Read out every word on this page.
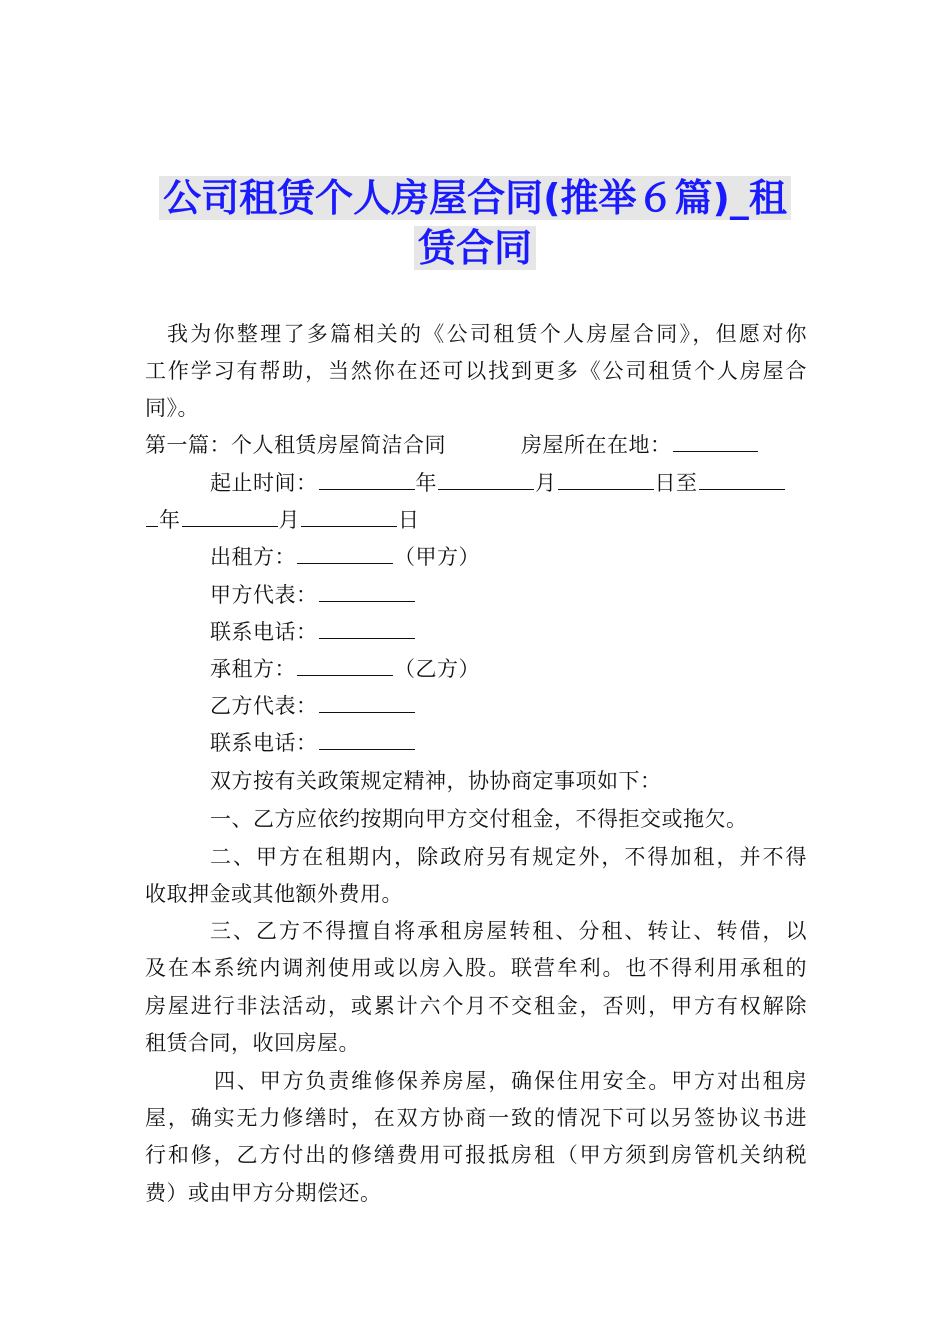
公司租赁个人房屋合同(推举６篇)_租
赁合同
我为你整理了多篇相关的《公司租赁个人房屋合同》，但愿对你
工作学习有帮助，当然你在还可以找到更多《公司租赁个人房屋合
同》。
第一篇：个人租赁房屋简洁合同	房屋所在在地：
起止时间：	年	月	日至
年	月	日
出租方：	（甲方）
甲方代表：
联系电话：
承租方：	（乙方）
乙方代表：
联系电话：
双方按有关政策规定精神，协协商定事项如下：
一、乙方应依约按期向甲方交付租金，不得拒交或拖欠。
二、甲方在租期内，除政府另有规定外，不得加租，并不得
收取押金或其他额外费用。
三、乙方不得擅自将承租房屋转租、分租、转让、转借，以
及在本系统内调剂使用或以房入股。联营牟利。也不得利用承租的
房屋进行非法活动，或累计六个月不交租金，否则，甲方有权解除
租赁合同，收回房屋。
四、甲方负责维修保养房屋，确保住用安全。甲方对出租房
屋，确实无力修缮时，在双方协商一致的情况下可以另签协议书进
行和修，乙方付出的修缮费用可报抵房租（甲方须到房管机关纳税
费）或由甲方分期偿还。
